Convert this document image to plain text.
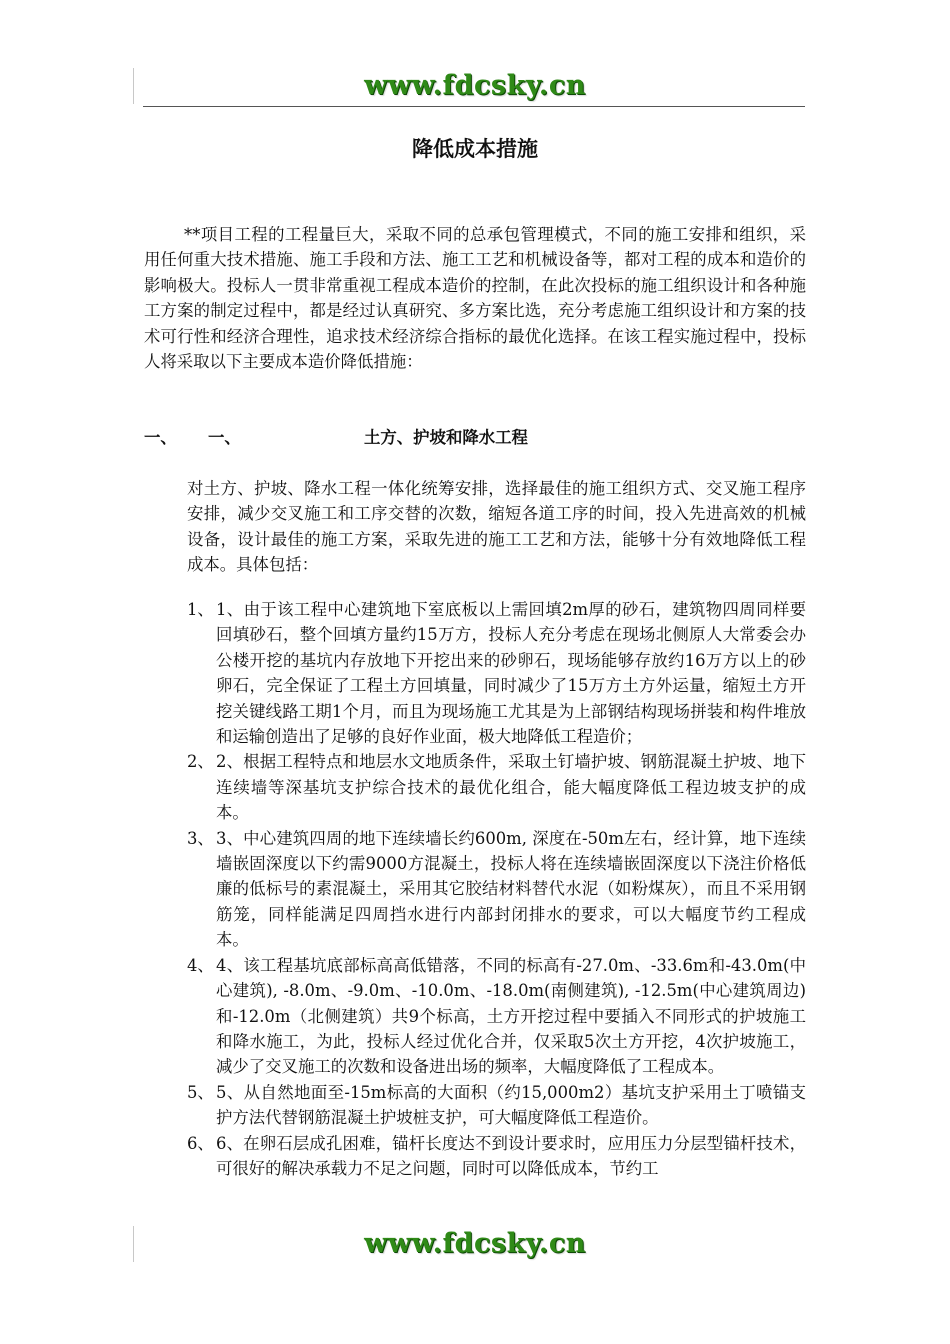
www.fdcsky.cn
降低成本措施

**项目工程的工程量巨大，采取不同的总承包管理模式，不同的施工安排和组织，采用任何重大技术措施、施工手段和方法、施工工艺和机械设备等，都对工程的成本和造价的影响极大。投标人一贯非常重视工程成本造价的控制，在此次投标的施工组织设计和各种施工方案的制定过程中，都是经过认真研究、多方案比选，充分考虑施工组织设计和方案的技术可行性和经济合理性，追求技术经济综合指标的最优化选择。在该工程实施过程中，投标人将采取以下主要成本造价降低措施：

一、 一、	土方、护坡和降水工程

对土方、护坡、降水工程一体化统筹安排，选择最佳的施工组织方式、交叉施工程序安排，减少交叉施工和工序交替的次数，缩短各道工序的时间，投入先进高效的机械设备，设计最佳的施工方案，采取先进的施工工艺和方法，能够十分有效地降低工程成本。具体包括：

1、 1、由于该工程中心建筑地下室底板以上需回填2m厚的砂石，建筑物四周同样要回填砂石，整个回填方量约15万方，投标人充分考虑在现场北侧原人大常委会办公楼开挖的基坑内存放地下开挖出来的砂卵石，现场能够存放约16万方以上的砂卵石，完全保证了工程土方回填量，同时减少了15万方土方外运量，缩短土方开挖关键线路工期1个月，而且为现场施工尤其是为上部钢结构现场拼装和构件堆放和运输创造出了足够的良好作业面，极大地降低工程造价；
2、 2、根据工程特点和地层水文地质条件，采取土钉墙护坡、钢筋混凝土护坡、地下连续墙等深基坑支护综合技术的最优化组合，能大幅度降低工程边坡支护的成本。
3、 3、中心建筑四周的地下连续墙长约600m, 深度在-50m左右，经计算，地下连续墙嵌固深度以下约需9000方混凝土，投标人将在连续墙嵌固深度以下浇注价格低廉的低标号的素混凝土，采用其它胶结材料替代水泥（如粉煤灰），而且不采用钢筋笼，同样能满足四周挡水进行内部封闭排水的要求，可以大幅度节约工程成本。
4、 4、该工程基坑底部标高高低错落，不同的标高有-27.0m、-33.6m和-43.0m(中心建筑), -8.0m、-9.0m、-10.0m、-18.0m(南侧建筑), -12.5m(中心建筑周边)和-12.0m（北侧建筑）共9个标高，土方开挖过程中要插入不同形式的护坡施工和降水施工，为此，投标人经过优化合并，仅采取5次土方开挖，4次护坡施工，减少了交叉施工的次数和设备进出场的频率，大幅度降低了工程成本。
5、 5、从自然地面至-15m标高的大面积（约15,000m2）基坑支护采用土丁喷锚支护方法代替钢筋混凝土护坡桩支护，可大幅度降低工程造价。
6、 6、在卵石层成孔困难，锚杆长度达不到设计要求时，应用压力分层型锚杆技术，可很好的解决承载力不足之问题，同时可以降低成本，节约工
www.fdcsky.cn
